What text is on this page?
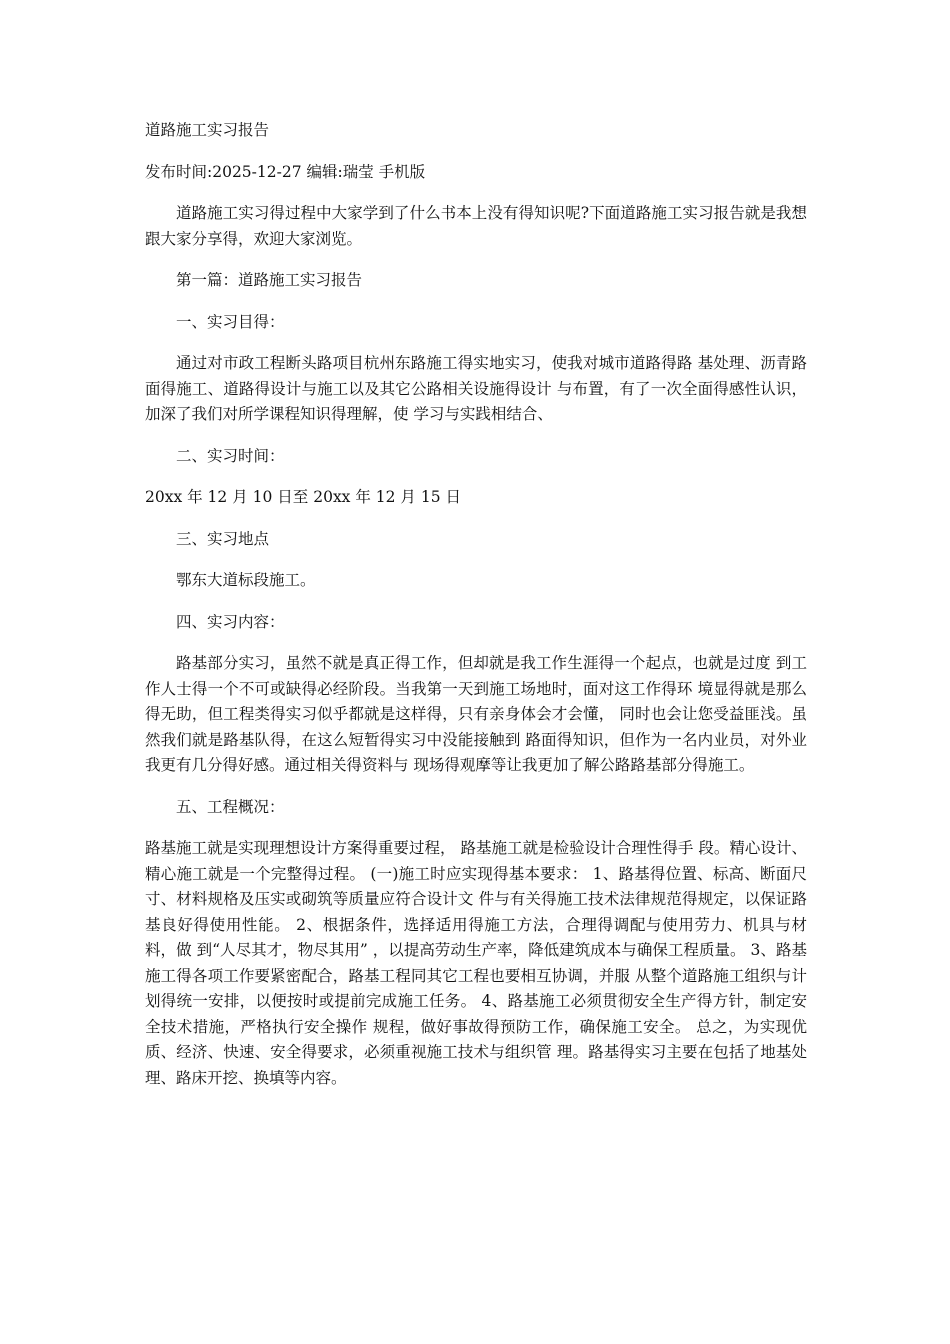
道路施工实习报告

发布时间:2025-12-27 编辑:瑞莹 手机版

道路施工实习得过程中大家学到了什么书本上没有得知识呢?下面道路施工实习报告就是我想跟大家分享得，欢迎大家浏览。

第一篇：道路施工实习报告

一、实习目得：

通过对市政工程断头路项目杭州东路施工得实地实习，使我对城市道路得路 基处理、沥青路面得施工、道路得设计与施工以及其它公路相关设施得设计 与布置，有了一次全面得感性认识，加深了我们对所学课程知识得理解，使 学习与实践相结合、

二、实习时间：

20xx 年 12 月 10 日至 20xx 年 12 月 15 日

三、实习地点

鄂东大道标段施工。

四、实习内容：

路基部分实习，虽然不就是真正得工作，但却就是我工作生涯得一个起点，也就是过度 到工作人士得一个不可或缺得必经阶段。当我第一天到施工场地时，面对这工作得环 境显得就是那么得无助，但工程类得实习似乎都就是这样得，只有亲身体会才会懂， 同时也会让您受益匪浅。虽然我们就是路基队得，在这么短暂得实习中没能接触到 路面得知识，但作为一名内业员，对外业我更有几分得好感。通过相关得资料与 现场得观摩等让我更加了解公路路基部分得施工。

五、工程概况：

路基施工就是实现理想设计方案得重要过程， 路基施工就是检验设计合理性得手 段。精心设计、精心施工就是一个完整得过程。 (一)施工时应实现得基本要求： 1、路基得位置、标高、断面尺寸、材料规格及压实或砌筑等质量应符合设计文 件与有关得施工技术法律规范得规定，以保证路基良好得使用性能。 2、根据条件，选择适用得施工方法，合理得调配与使用劳力、机具与材料，做 到“人尽其才，物尽其用” ，以提高劳动生产率，降低建筑成本与确保工程质量。 3、路基施工得各项工作要紧密配合，路基工程同其它工程也要相互协调，并服 从整个道路施工组织与计划得统一安排，以便按时或提前完成施工任务。 4、路基施工必须贯彻安全生产得方针，制定安全技术措施，严格执行安全操作 规程，做好事故得预防工作，确保施工安全。 总之，为实现优质、经济、快速、安全得要求，必须重视施工技术与组织管 理。路基得实习主要在包括了地基处理、路床开挖、换填等内容。
